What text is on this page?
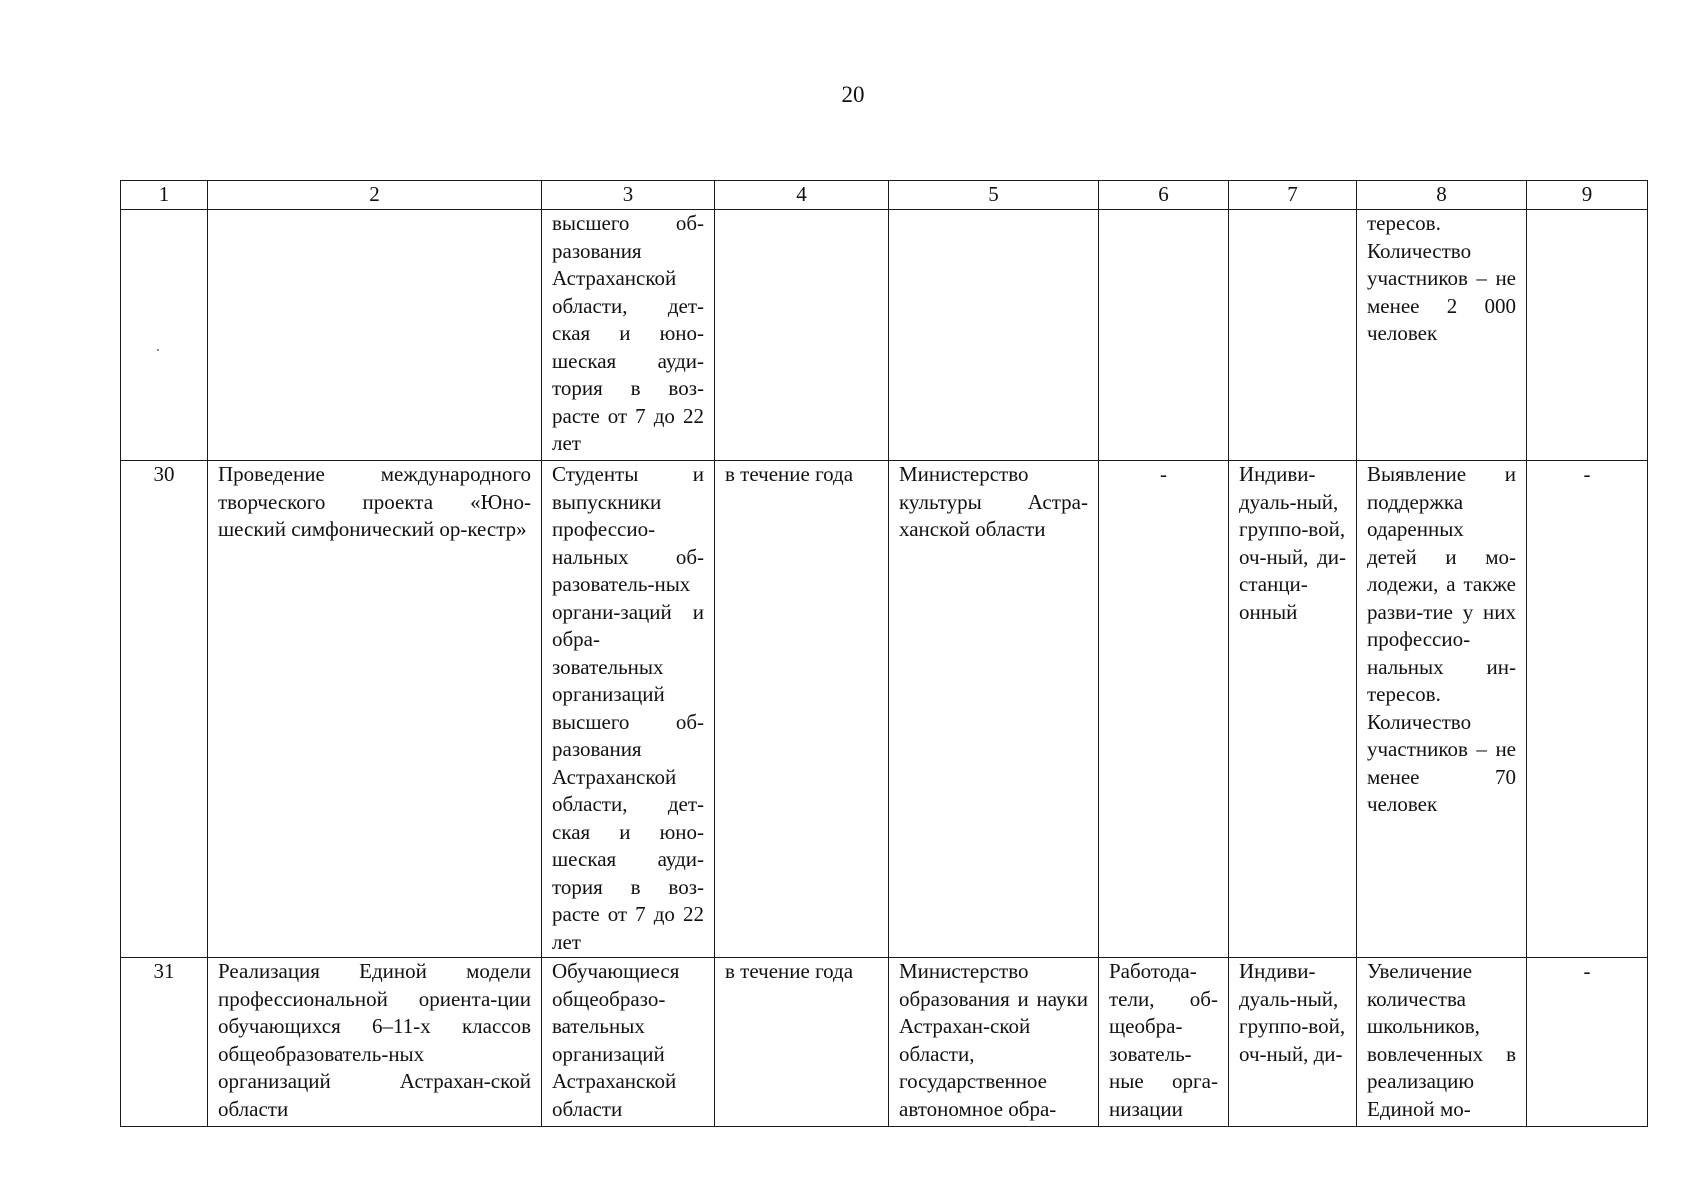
20
1	2	3	4	5	6	7	8	9
		высшего об-разования Астраханской области, дет-ская и юно-шеская ауди-тория в воз-расте от 7 до 22 лет					тересов. Количество участников – не менее 2 000 человек	
30	Проведение международного творческого проекта «Юно-шеский симфонический ор-кестр»	Студенты и выпускники профессио-нальных об-разователь-ных органи-заций и обра-зовательных организаций высшего об-разования Астраханской области, дет-ская и юно-шеская ауди-тория в воз-расте от 7 до 22 лет	в течение года	Министерство культуры Астра-ханской области	-	Индиви-дуаль-ный, группо-вой, оч-ный, ди-станци-онный	Выявление и поддержка одаренных детей и мо-лодежи, а также разви-тие у них профессио-нальных ин-тересов. Количество участников – не менее 70 человек	-
31	Реализация Единой модели профессиональной ориента-ции обучающихся 6–11-х классов общеобразователь-ных организаций Астрахан-ской области	Обучающиеся общеобразо-вательных организаций Астраханской области	в течение года	Министерство образования и науки Астрахан-ской области, государственное автономное обра-	Работода-тели, об-щеобра-зователь-ные орга-низации	Индиви-дуаль-ный, группо-вой, оч-ный, ди-	Увеличение количества школьников, вовлеченных в реализацию Единой мо-	-
